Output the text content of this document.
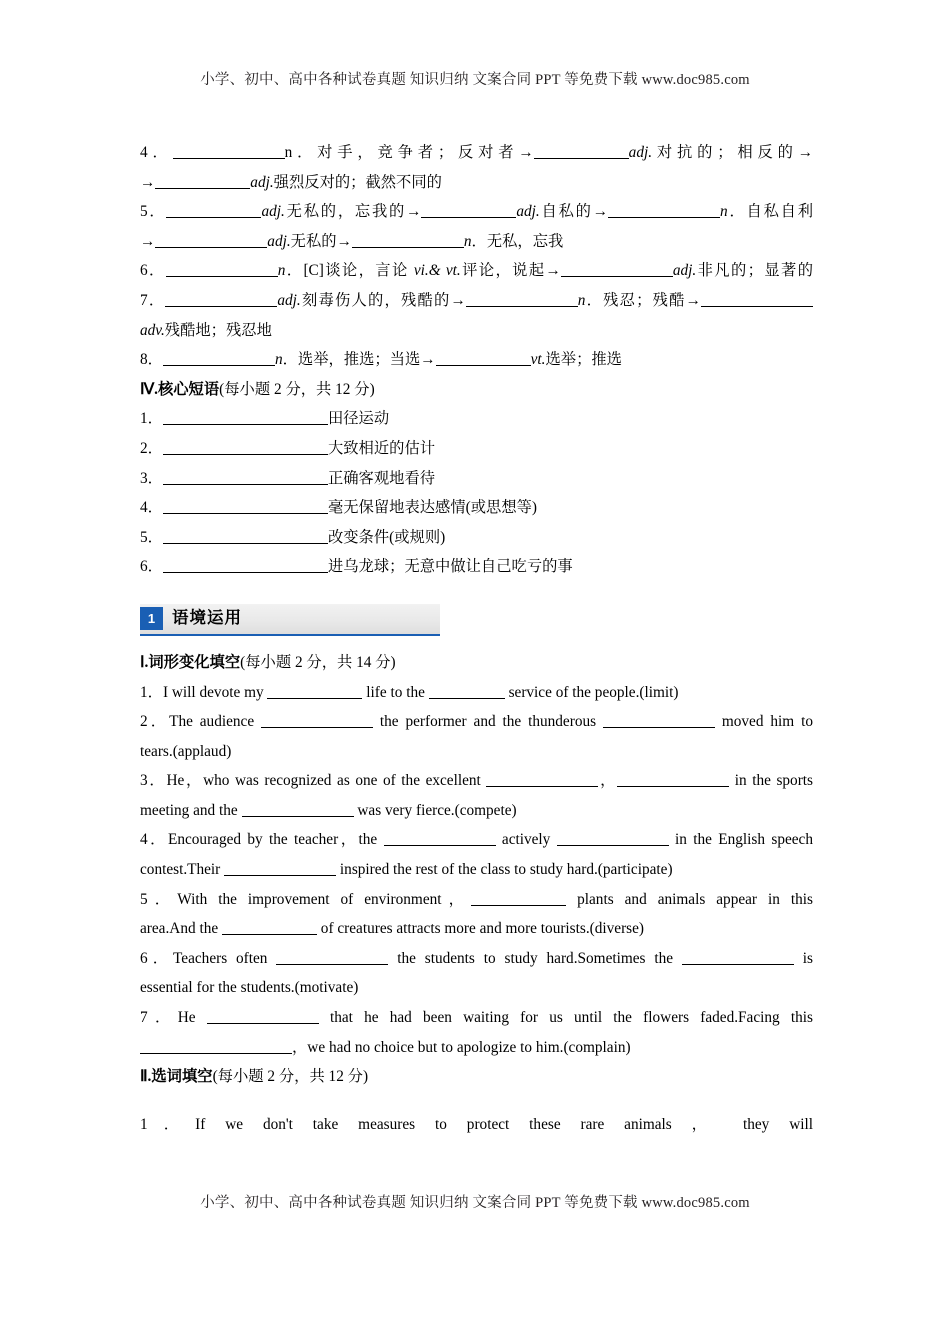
小学、初中、高中各种试卷真题 知识归纳 文案合同 PPT 等免费下载 www.doc985.com
4．	n．对手，竞争者；反对者→	adj.对抗的；相反的→
→	adj.强烈反对的；截然不同的
5．	adj.无私的，忘我的→	adj.自私的→	n．自私自利
→	adj.无私的→	n．无私，忘我
6．	n．[C]谈论，言论 vi.& vt.评论，说起→	adj.非凡的；显著的
7．	adj.刻毒伤人的，残酷的→	n．残忍；残酷→
adv.残酷地；残忍地
8．	n．选举，推选；当选→	vt.选举；推选
Ⅳ.核心短语(每小题 2 分，共 12 分)
1．	田径运动
2．	大致相近的估计
3．	正确客观地看待
4．	毫无保留地表达感情(或思想等)
5．	改变条件(或规则)
6．	进乌龙球；无意中做让自己吃亏的事
1	语境运用
Ⅰ.词形变化填空(每小题 2 分，共 14 分)
1．I will devote my	life to the	service of the people.(limit)
2．The audience	the performer and the thunderous	moved him to
tears.(applaud)
3．He，who was recognized as one of the excellent	，	in the sports
meeting and the	was very fierce.(compete)
4．Encouraged by the teacher，the	actively	in the English speech
contest.Their	inspired the rest of the class to study hard.(participate)
5．With the improvement of environment，	plants and animals appear in this
area.And the	of creatures attracts more and more tourists.(diverse)
6．Teachers often	the students to study hard.Sometimes the	is
essential for the students.(motivate)
7．He	that he had been waiting for us until the flowers faded.Facing this
，we had no choice but to apologize to him.(complain)
Ⅱ.选词填空(每小题 2 分，共 12 分)
1．If we don't take measures to protect these rare animals ， they will
小学、初中、高中各种试卷真题 知识归纳 文案合同 PPT 等免费下载 www.doc985.com
